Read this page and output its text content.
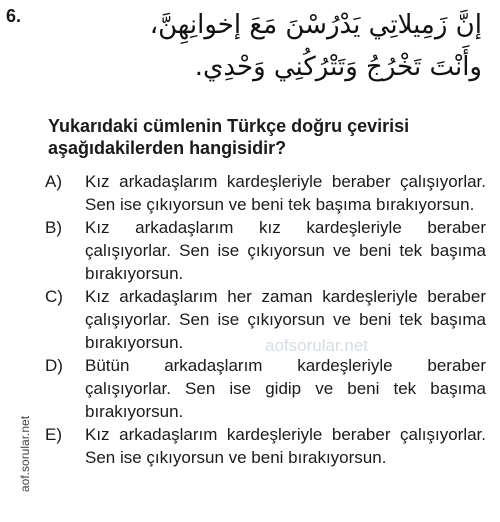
6.	إنَّ زَمِيلاتِي يَدْرُسْنَ مَعَ إخوانِهِنَّ، وأَنْتَ تَخْرُجُ وَتَتْرُكُنِي وَحْدِي.
Yukarıdaki cümlenin Türkçe doğru çevirisi aşağıdakilerden hangisidir?

A) Kız arkadaşlarım kardeşleriyle beraber çalışıyorlar. Sen ise çıkıyorsun ve beni tek başıma bırakıyorsun.

B) Kız arkadaşlarım kız kardeşleriyle beraber çalışıyorlar. Sen ise çıkıyorsun ve beni tek başıma bırakıyorsun.

C) Kız arkadaşlarım her zaman kardeşleriyle beraber çalışıyorlar. Sen ise çıkıyorsun ve beni tek başıma bırakıyorsun.

D) Bütün arkadaşlarım kardeşleriyle beraber çalışıyorlar. Sen ise gidip ve beni tek başıma bırakıyorsun.

E) Kız arkadaşlarım kardeşleriyle beraber çalışıyorlar. Sen ise çıkıyorsun ve beni bırakıyorsun.

aofsorular.net
aof.sorular.net
